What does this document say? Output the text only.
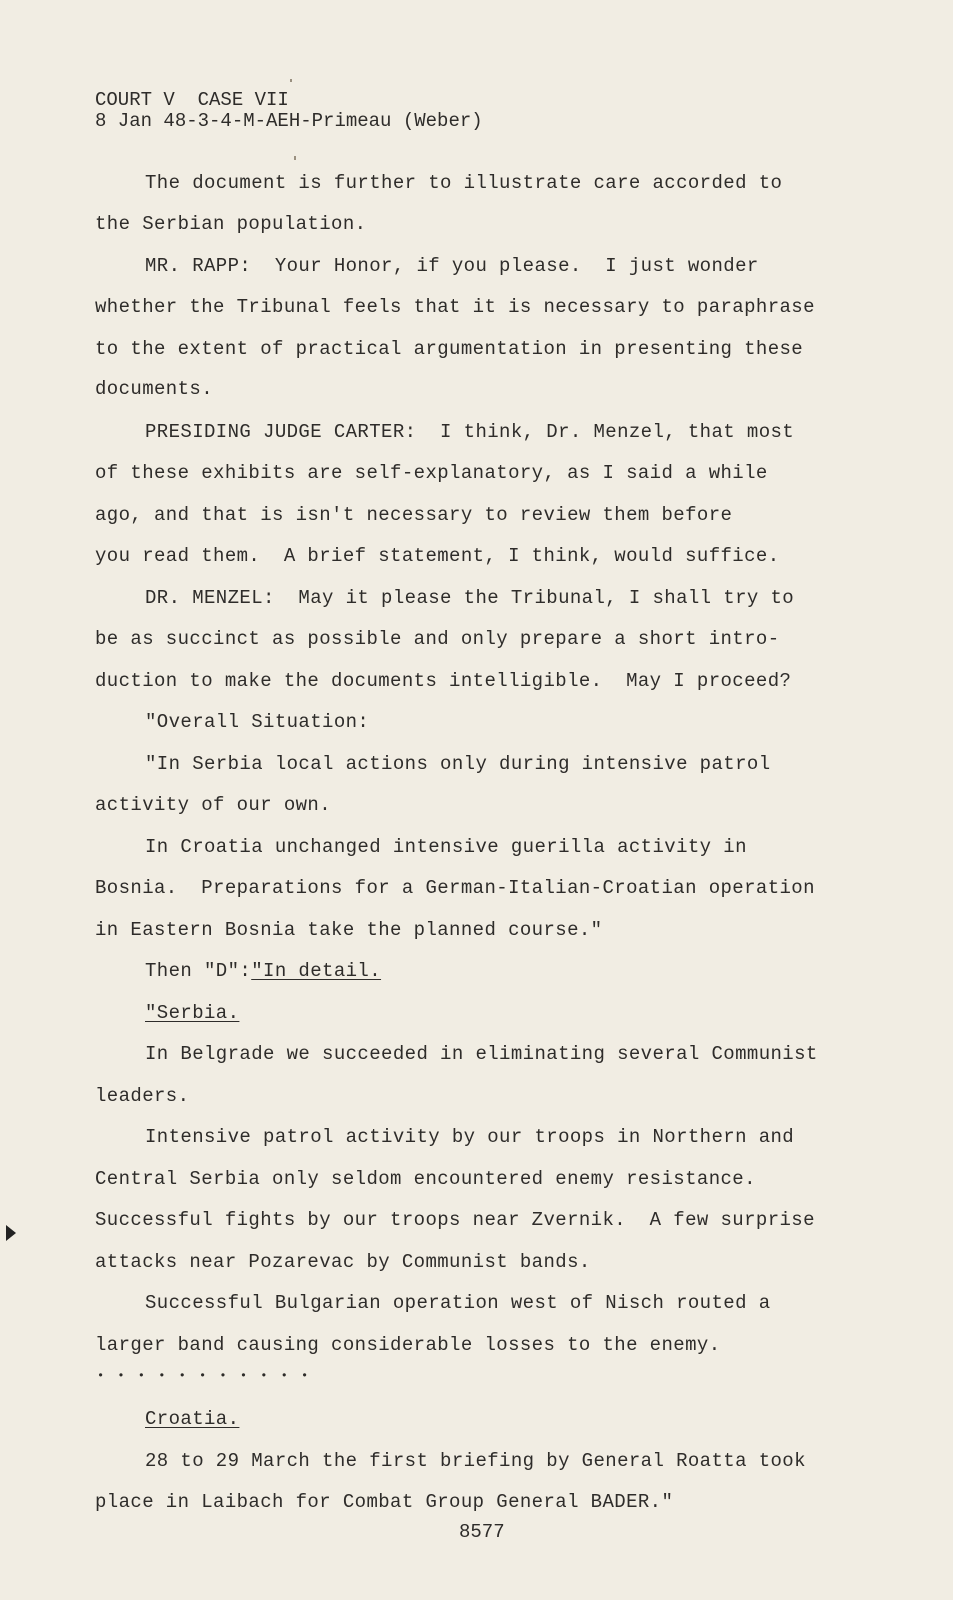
COURT V  CASE VII
8 Jan 48-3-4-M-AEH-Primeau (Weber)
The document is further to illustrate care accorded to
the Serbian population.
MR. RAPP:  Your Honor, if you please.  I just wonder
whether the Tribunal feels that it is necessary to paraphrase
to the extent of practical argumentation in presenting these
documents.
PRESIDING JUDGE CARTER:  I think, Dr. Menzel, that most
of these exhibits are self-explanatory, as I said a while
ago, and that is isn't necessary to review them before
you read them.  A brief statement, I think, would suffice.
DR. MENZEL:  May it please the Tribunal, I shall try to
be as succinct as possible and only prepare a short intro-
duction to make the documents intelligible.  May I proceed?
"Overall Situation:
"In Serbia local actions only during intensive patrol
activity of our own.
In Croatia unchanged intensive guerilla activity in
Bosnia.  Preparations for a German-Italian-Croatian operation
in Eastern Bosnia take the planned course."
Then "D":"In detail.
"Serbia.
In Belgrade we succeeded in eliminating several Communist
leaders.
Intensive patrol activity by our troops in Northern and
Central Serbia only seldom encountered enemy resistance.
Successful fights by our troops near Zvernik.  A few surprise
attacks near Pozarevac by Communist bands.
Successful Bulgarian operation west of Nisch routed a
larger band causing considerable losses to the enemy.
• • • • • • • • • • •
Croatia.
28 to 29 March the first briefing by General Roatta took
place in Laibach for Combat Group General BADER."
8577
